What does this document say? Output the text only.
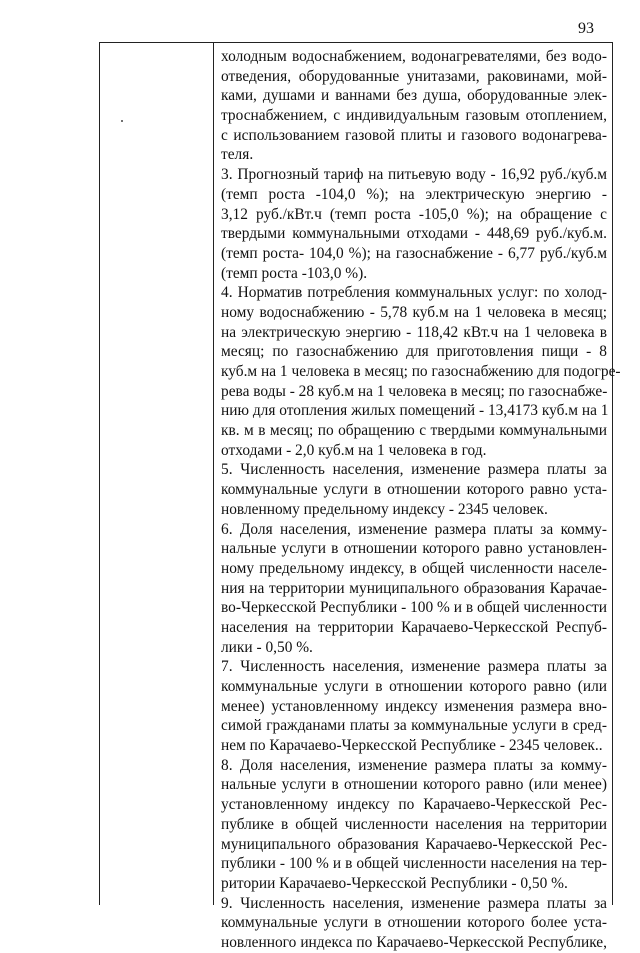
93
холодным водоснабжением, водонагревателями, без водо-
отведения, оборудованные унитазами, раковинами, мой-
ками, душами и ваннами без душа, оборудованные элек-
троснабжением, с индивидуальным газовым отоплением,
с использованием газовой плиты и газового водонагрева-
теля.
3. Прогнозный тариф на питьевую воду - 16,92 руб./куб.м
(темп роста -104,0 %); на электрическую энергию -
3,12 руб./кВт.ч (темп роста -105,0 %); на обращение с
твердыми коммунальными отходами - 448,69 руб./куб.м.
(темп роста- 104,0 %); на газоснабжение - 6,77 руб./куб.м
(темп роста -103,0 %).
4. Норматив потребления коммунальных услуг: по холод-
ному водоснабжению - 5,78 куб.м на 1 человека в месяц;
на электрическую энергию - 118,42 кВт.ч на 1 человека в
месяц; по газоснабжению для приготовления пищи - 8
куб.м на 1 человека в месяц; по газоснабжению для подогре-
рева воды - 28 куб.м на 1 человека в месяц; по газоснабже-
нию для отопления жилых помещений - 13,4173 куб.м на 1
кв. м в месяц; по обращению с твердыми коммунальными
отходами - 2,0 куб.м на 1 человека в год.
5. Численность населения, изменение размера платы за
коммунальные услуги в отношении которого равно уста-
новленному предельному индексу - 2345 человек.
6. Доля населения, изменение размера платы за комму-
нальные услуги в отношении которого равно установлен-
ному предельному индексу, в общей численности населе-
ния на территории муниципального образования Карачае-
во-Черкесской Республики - 100 % и в общей численности
населения на территории Карачаево-Черкесской Респуб-
лики - 0,50 %.
7. Численность населения, изменение размера платы за
коммунальные услуги в отношении которого равно (или
менее) установленному индексу изменения размера вно-
симой гражданами платы за коммунальные услуги в сред-
нем по Карачаево-Черкесской Республике - 2345 человек..
8. Доля населения, изменение размера платы за комму-
нальные услуги в отношении которого равно (или менее)
установленному индексу по Карачаево-Черкесской Рес-
публике в общей численности населения на территории
муниципального образования Карачаево-Черкесской Рес-
публики - 100 % и в общей численности населения на тер-
ритории Карачаево-Черкесской Республики - 0,50 %.
9. Численность населения, изменение размера платы за
коммунальные услуги в отношении которого более уста-
новленного индекса по Карачаево-Черкесской Республике,
